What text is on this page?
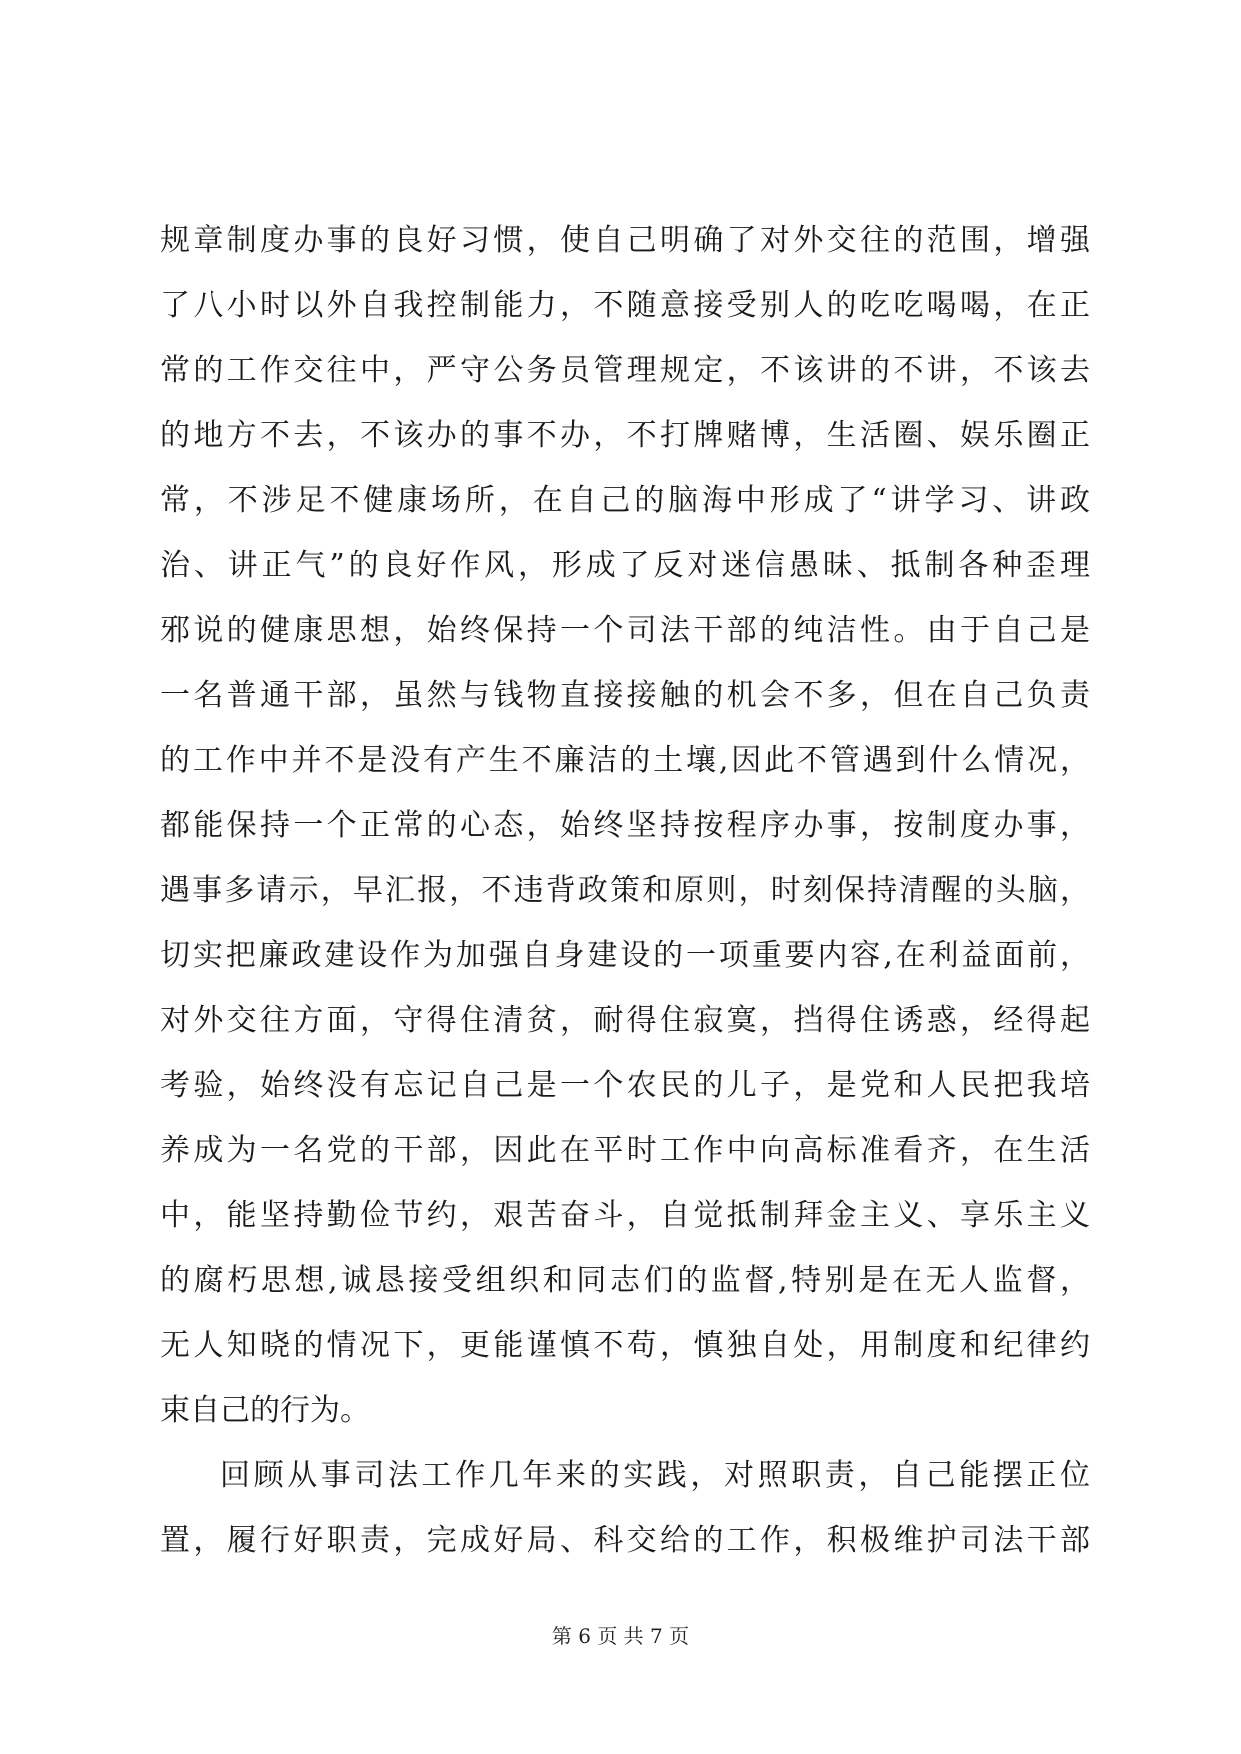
规章制度办事的良好习惯，使自己明确了对外交往的范围，增强
了八小时以外自我控制能力，不随意接受别人的吃吃喝喝，在正
常的工作交往中，严守公务员管理规定，不该讲的不讲，不该去
的地方不去，不该办的事不办，不打牌赌博，生活圈、娱乐圈正
常，不涉足不健康场所，在自己的脑海中形成了“讲学习、讲政
治、讲正气”的良好作风，形成了反对迷信愚昧、抵制各种歪理
邪说的健康思想，始终保持一个司法干部的纯洁性。由于自己是
一名普通干部，虽然与钱物直接接触的机会不多，但在自己负责
的工作中并不是没有产生不廉洁的土壤,因此不管遇到什么情况，
都能保持一个正常的心态，始终坚持按程序办事，按制度办事，
遇事多请示，早汇报，不违背政策和原则，时刻保持清醒的头脑，
切实把廉政建设作为加强自身建设的一项重要内容,在利益面前，
对外交往方面，守得住清贫，耐得住寂寞，挡得住诱惑，经得起
考验，始终没有忘记自己是一个农民的儿子，是党和人民把我培
养成为一名党的干部，因此在平时工作中向高标准看齐，在生活
中，能坚持勤俭节约，艰苦奋斗，自觉抵制拜金主义、享乐主义
的腐朽思想,诚恳接受组织和同志们的监督,特别是在无人监督，
无人知晓的情况下，更能谨慎不苟，慎独自处，用制度和纪律约
束自己的行为。
回顾从事司法工作几年来的实践，对照职责，自己能摆正位
置，履行好职责，完成好局、科交给的工作，积极维护司法干部
第 6 页 共 7 页
